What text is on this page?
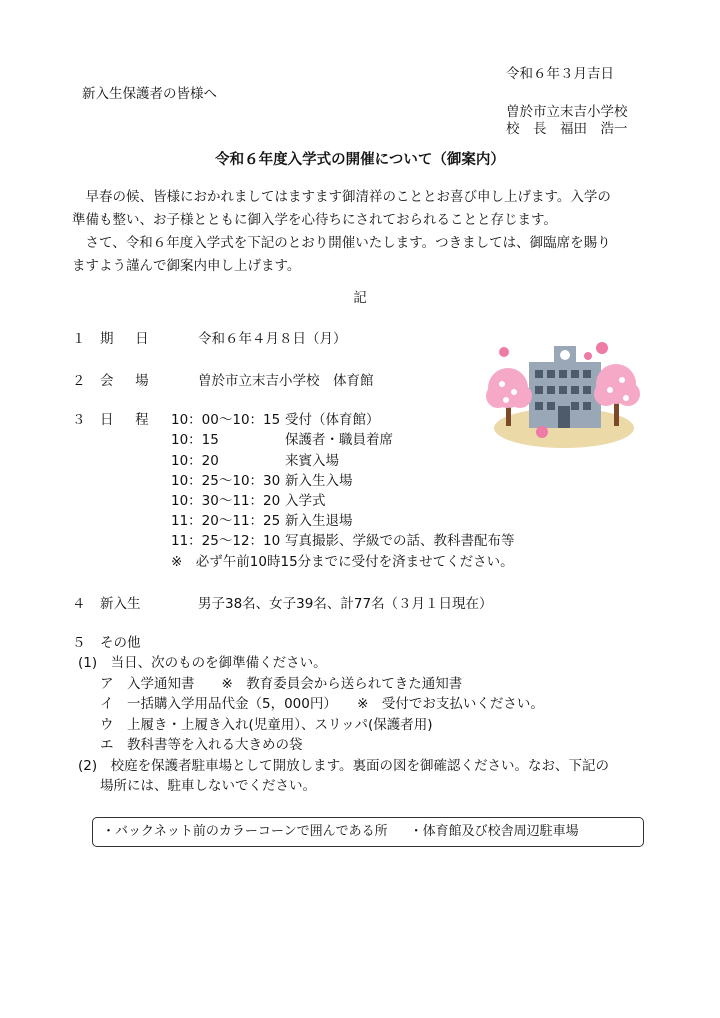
令和６年３月吉日
新入生保護者の皆様へ
曽於市立末吉小学校
校　長　福田　浩一
令和６年度入学式の開催について（御案内）
　早春の候、皆様におかれましてはますます御清祥のこととお喜び申し上げます。入学の
準備も整い、お子様とともに御入学を心待ちにされておられることと存じます。
　さて、令和６年度入学式を下記のとおり開催いたします。つきましては、御臨席を賜り
ますよう謹んで御案内申し上げます。
記
１ 期　日	令和６年４月８日（月）
２ 会　場	曽於市立末吉小学校　体育館
３ 日　程	10：00～10：15 受付（体育館）
10：15	保護者・職員着席
10：20	来賓入場
10：25～10：30 新入生入場
10：30～11：20 入学式
11：20～11：25 新入生退場
11：25～12：10 写真撮影、学級での話、教科書配布等
※　必ず午前10時15分までに受付を済ませてください。
４ 新入生	男子38名、女子39名、計77名（３月１日現在）
５ その他
(1)　当日、次のものを御準備ください。
ア　入学通知書　　※　教育委員会から送られてきた通知書
イ　一括購入学用品代金（5，000円）　　※　受付でお支払いください。
ウ　上履き・上履き入れ(児童用）、スリッパ(保護者用)
エ　教科書等を入れる大きめの袋
(2)　校庭を保護者駐車場として開放します。裏面の図を御確認ください。なお、下記の
場所には、駐車しないでください。
・バックネット前のカラーコーンで囲んである所 ・体育館及び校舎周辺駐車場
